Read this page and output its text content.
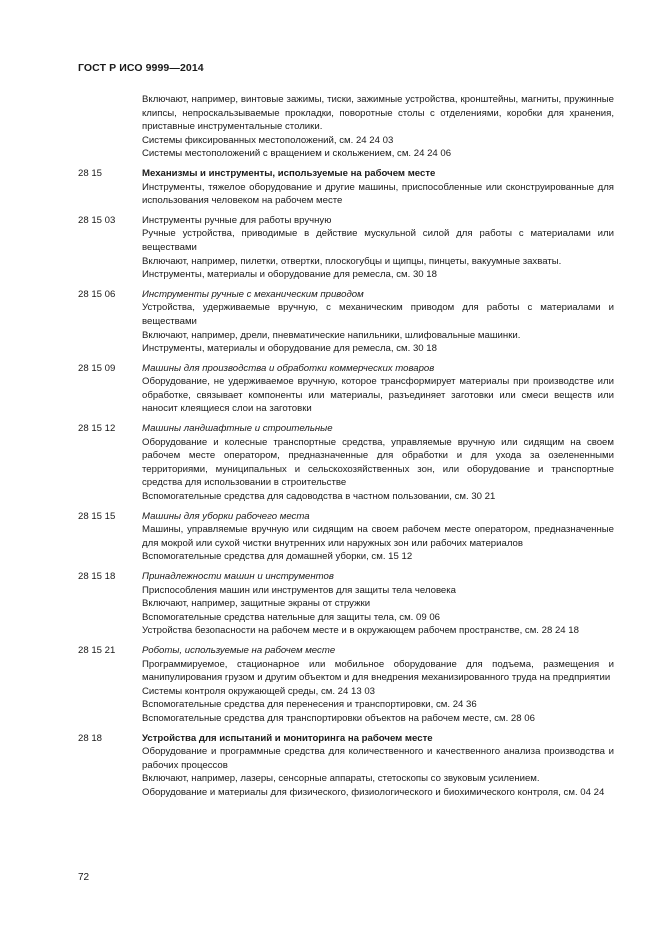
ГОСТ Р ИСО 9999—2014
Включают, например, винтовые зажимы, тиски, зажимные устройства, кронштейны, магниты, пружинные клипсы, непроскальзываемые прокладки, поворотные столы с отделениями, коробки для хранения, приставные инструментальные столики.
Системы фиксированных местоположений, см. 24 24 03
Системы местоположений с вращением и скольжением, см. 24 24 06
28 15	Механизмы и инструменты, используемые на рабочем месте
Инструменты, тяжелое оборудование и другие машины, приспособленные или сконструированные для использования человеком на рабочем месте
28 15 03	Инструменты ручные для работы вручную
Ручные устройства, приводимые в действие мускульной силой для работы с материалами или веществами
Включают, например, пилетки, отвертки, плоскогубцы и щипцы, пинцеты, вакуумные захваты.
Инструменты, материалы и оборудование для ремесла, см. 30 18
28 15 06	Инструменты ручные с механическим приводом
Устройства, удерживаемые вручную, с механическим приводом для работы с материалами и веществами
Включают, например, дрели, пневматические напильники, шлифовальные машинки.
Инструменты, материалы и оборудование для ремесла, см. 30 18
28 15 09	Машины для производства и обработки коммерческих товаров
Оборудование, не удерживаемое вручную, которое трансформирует материалы при производстве или обработке, связывает компоненты или материалы, разъединяет заготовки или смеси веществ или наносит клеящиеся слои на заготовки
28 15 12	Машины ландшафтные и строительные
Оборудование и колесные транспортные средства, управляемые вручную или сидящим на своем рабочем месте оператором, предназначенные для обработки и для ухода за озелененными территориями, муниципальных и сельскохозяйственных зон, или оборудование и транспортные средства для использовании в строительстве
Вспомогательные средства для садоводства в частном пользовании, см. 30 21
28 15 15	Машины для уборки рабочего места
Машины, управляемые вручную или сидящим на своем рабочем месте оператором, предназначенные для мокрой или сухой чистки внутренних или наружных зон или рабочих материалов
Вспомогательные средства для домашней уборки, см. 15 12
28 15 18	Принадлежности машин и инструментов
Приспособления машин или инструментов для защиты тела человека
Включают, например, защитные экраны от стружки
Вспомогательные средства нательные для защиты тела, см. 09 06
Устройства безопасности на рабочем месте и в окружающем рабочем пространстве, см. 28 24 18
28 15 21	Роботы, используемые на рабочем месте
Программируемое, стационарное или мобильное оборудование для подъема, размещения и манипулирования грузом и другим объектом и для внедрения механизированного труда на предприятии
Системы контроля окружающей среды, см. 24 13 03
Вспомогательные средства для перенесения и транспортировки, см. 24 36
Вспомогательные средства для транспортировки объектов на рабочем месте, см. 28 06
28 18	Устройства для испытаний и мониторинга на рабочем месте
Оборудование и программные средства для количественного и качественного анализа производства и рабочих процессов
Включают, например, лазеры, сенсорные аппараты, стетоскопы со звуковым усилением.
Оборудование и материалы для физического, физиологического и биохимического контроля, см. 04 24
72
